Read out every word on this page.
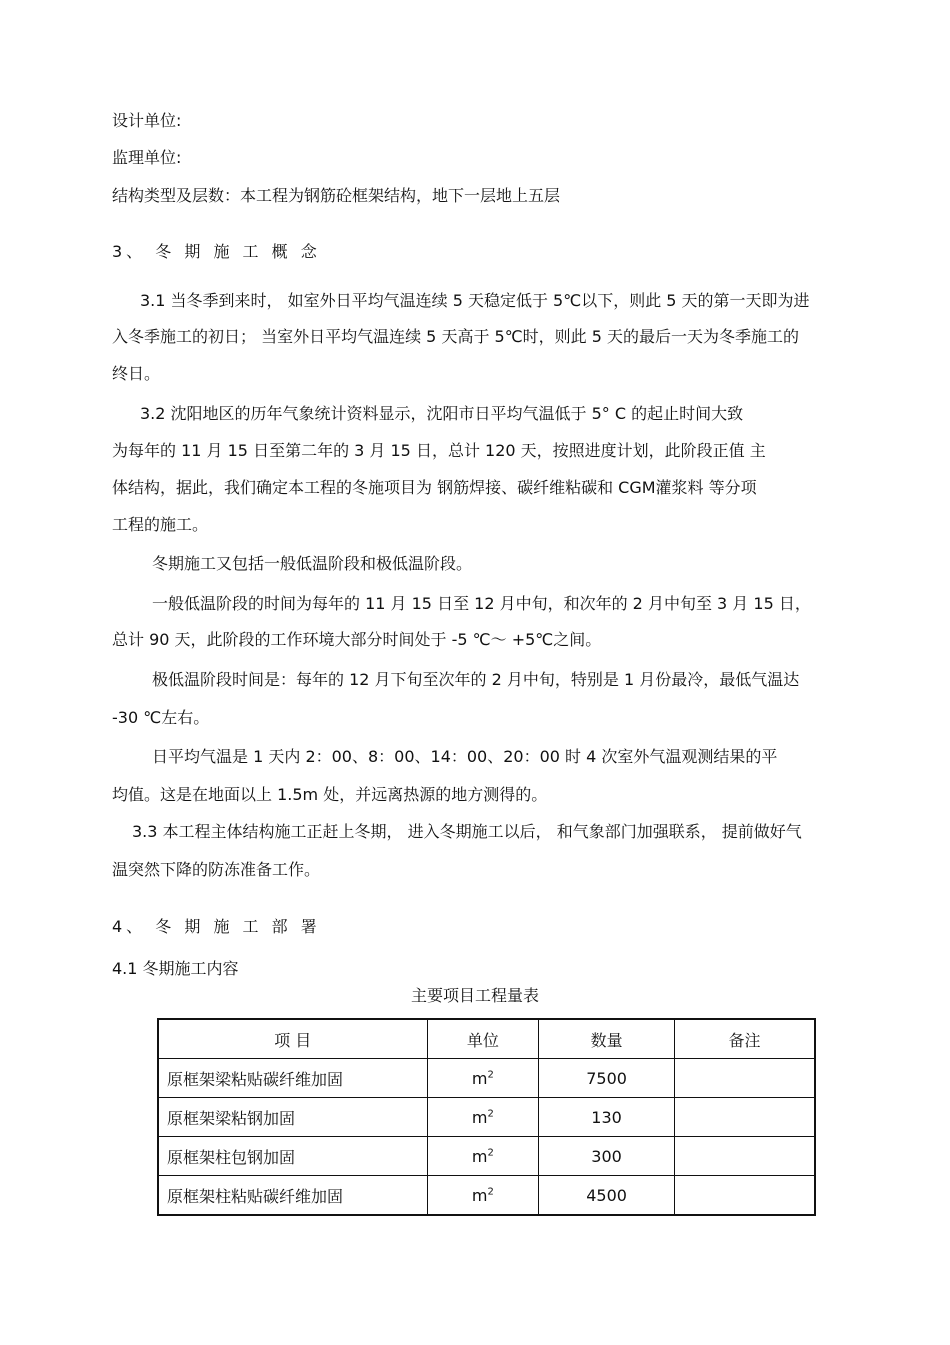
设计单位:
监理单位:
结构类型及层数：本工程为钢筋砼框架结构，地下一层地上五层
3、 冬 期 施 工 概 念
3.1 当冬季到来时， 如室外日平均气温连续 5 天稳定低于 5℃以下，则此 5 天的第一天即为进
入冬季施工的初日； 当室外日平均气温连续 5 天高于 5℃时，则此 5 天的最后一天为冬季施工的
终日。
3.2 沈阳地区的历年气象统计资料显示，沈阳市日平均气温低于 5° C 的起止时间大致
为每年的 11 月 15 日至第二年的 3 月 15 日，总计 120 天，按照进度计划，此阶段正值 主
体结构，据此，我们确定本工程的冬施项目为 钢筋焊接、碳纤维粘碳和 CGM灌浆料 等分项
工程的施工。
冬期施工又包括一般低温阶段和极低温阶段。
一般低温阶段的时间为每年的 11 月 15 日至 12 月中旬，和次年的 2 月中旬至 3 月 15 日，
总计 90 天，此阶段的工作环境大部分时间处于 -5 ℃～ +5℃之间。
极低温阶段时间是：每年的 12 月下旬至次年的 2 月中旬，特别是 1 月份最冷，最低气温达
-30 ℃左右。
日平均气温是 1 天内 2：00、8：00、14：00、20：00 时 4 次室外气温观测结果的平
均值。这是在地面以上 1.5m 处，并远离热源的地方测得的。
3.3 本工程主体结构施工正赶上冬期， 进入冬期施工以后， 和气象部门加强联系， 提前做好气
温突然下降的防冻准备工作。
4、 冬 期 施 工 部 署
4.1 冬期施工内容
主要项目工程量表
项 目	单位	数量	备注
原框架梁粘贴碳纤维加固	$m^2$	7500	
原框架梁粘钢加固	$m^2$	130	
原框架柱包钢加固	$m^2$	300	
原框架柱粘贴碳纤维加固	$m^2$	4500	
